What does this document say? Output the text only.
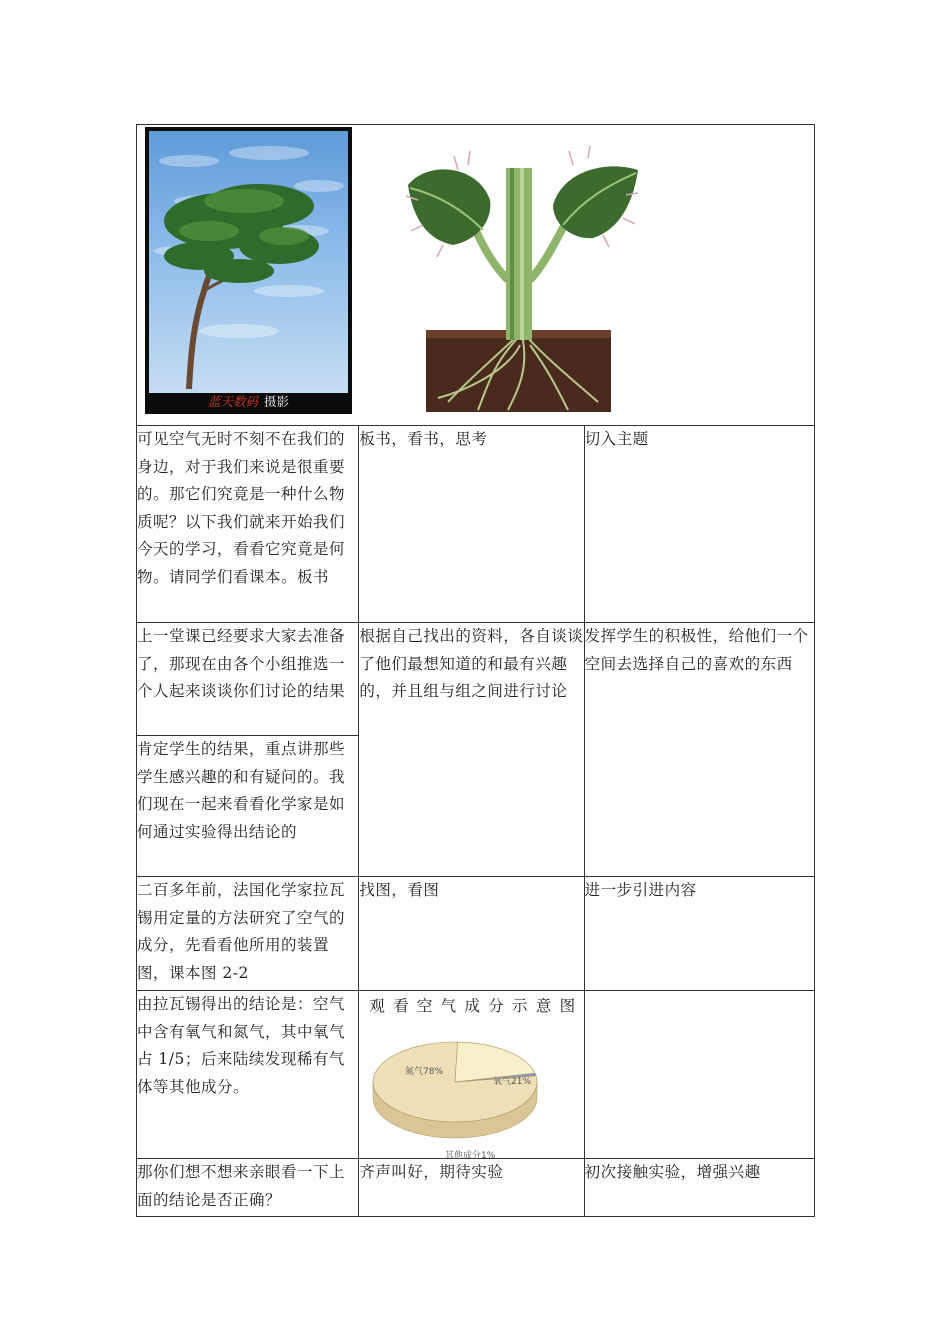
可见空气无时不刻不在我们的身边，对于我们来说是很重要的。那它们究竟是一种什么物质呢？以下我们就来开始我们今天的学习，看看它究竟是何物。请同学们看课本。板书	板书，看书，思考	切入主题
上一堂课已经要求大家去准备了，那现在由各个小组推选一个人起来谈谈你们讨论的结果	根据自己找出的资料，各自谈谈了他们最想知道的和最有兴趣的，并且组与组之间进行讨论	发挥学生的积极性，给他们一个空间去选择自己的喜欢的东西
肯定学生的结果，重点讲那些学生感兴趣的和有疑问的。我们现在一起来看看化学家是如何通过实验得出结论的		
二百多年前，法国化学家拉瓦锡用定量的方法研究了空气的成分，先看看他所用的装置图，课本图 2-2	找图，看图	进一步引进内容
由拉瓦锡得出的结论是：空气中含有氧气和氮气，其中氧气占 1/5；后来陆续发现稀有气体等其他成分。	观 看 空 气 成 分 示 意 图
氮气78%
氧气21%
其他成分1%	

那你们想不想来亲眼看一下上面的结论是否正确？	齐声叫好，期待实验	初次接触实验，增强兴趣
蓝天数码 摄影
